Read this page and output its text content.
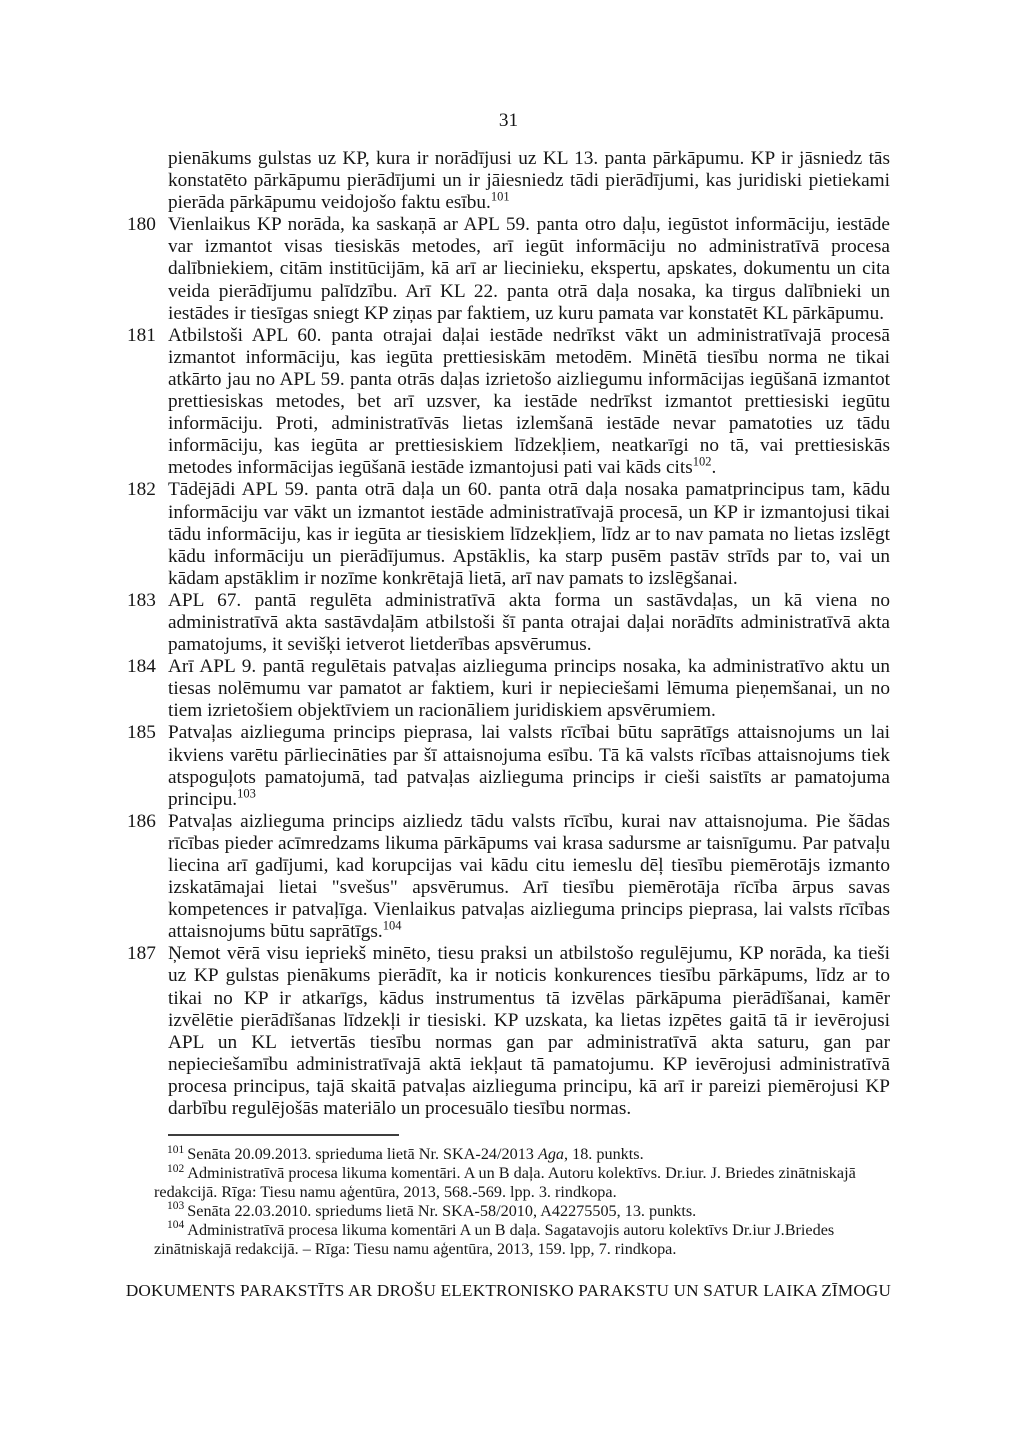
31
pienākums gulstas uz KP, kura ir norādījusi uz KL 13. panta pārkāpumu. KP ir jāsniedz tās konstatēto pārkāpumu pierādījumi un ir jāiesniedz tādi pierādījumi, kas juridiski pietiekami pierāda pārkāpumu veidojošo faktu esību.$^{101}$
180 Vienlaikus KP norāda, ka saskaņā ar APL 59. panta otro daļu, iegūstot informāciju, iestāde var izmantot visas tiesiskās metodes, arī iegūt informāciju no administratīvā procesa dalībniekiem, citām institūcijām, kā arī ar liecinieku, ekspertu, apskates, dokumentu un cita veida pierādījumu palīdzību. Arī KL 22. panta otrā daļa nosaka, ka tirgus dalībnieki un iestādes ir tiesīgas sniegt KP ziņas par faktiem, uz kuru pamata var konstatēt KL pārkāpumu.
181 Atbilstoši APL 60. panta otrajai daļai iestāde nedrīkst vākt un administratīvajā procesā izmantot informāciju, kas iegūta prettiesiskām metodēm. Minētā tiesību norma ne tikai atkārto jau no APL 59. panta otrās daļas izrietošo aizliegumu informācijas iegūšanā izmantot prettiesiskas metodes, bet arī uzsver, ka iestāde nedrīkst izmantot prettiesiski iegūtu informāciju. Proti, administratīvās lietas izlemšanā iestāde nevar pamatoties uz tādu informāciju, kas iegūta ar prettiesiskiem līdzekļiem, neatkarīgi no tā, vai prettiesiskās metodes informācijas iegūšanā iestāde izmantojusi pati vai kāds cits$^{102}$.
182 Tādējādi APL 59. panta otrā daļa un 60. panta otrā daļa nosaka pamatprincipus tam, kādu informāciju var vākt un izmantot iestāde administratīvajā procesā, un KP ir izmantojusi tikai tādu informāciju, kas ir iegūta ar tiesiskiem līdzekļiem, līdz ar to nav pamata no lietas izslēgt kādu informāciju un pierādījumus. Apstāklis, ka starp pusēm pastāv strīds par to, vai un kādam apstāklim ir nozīme konkrētajā lietā, arī nav pamats to izslēgšanai.
183 APL 67. pantā regulēta administratīvā akta forma un sastāvdaļas, un kā viena no administratīvā akta sastāvdaļām atbilstoši šī panta otrajai daļai norādīts administratīvā akta pamatojums, it sevišķi ietverot lietderības apsvērumus.
184 Arī APL 9. pantā regulētais patvaļas aizlieguma princips nosaka, ka administratīvo aktu un tiesas nolēmumu var pamatot ar faktiem, kuri ir nepieciešami lēmuma pieņemšanai, un no tiem izrietošiem objektīviem un racionāliem juridiskiem apsvērumiem.
185 Patvaļas aizlieguma princips pieprasa, lai valsts rīcībai būtu saprātīgs attaisnojums un lai ikviens varētu pārliecināties par šī attaisnojuma esību. Tā kā valsts rīcības attaisnojums tiek atspoguļots pamatojumā, tad patvaļas aizlieguma princips ir cieši saistīts ar pamatojuma principu.$^{103}$
186 Patvaļas aizlieguma princips aizliedz tādu valsts rīcību, kurai nav attaisnojuma. Pie šādas rīcības pieder acīmredzams likuma pārkāpums vai krasa sadursme ar taisnīgumu. Par patvaļu liecina arī gadījumi, kad korupcijas vai kādu citu iemeslu dēļ tiesību piemērotājs izmanto izskatāmajai lietai "svešus" apsvērumus. Arī tiesību piemērotāja rīcība ārpus savas kompetences ir patvaļīga. Vienlaikus patvaļas aizlieguma princips pieprasa, lai valsts rīcības attaisnojums būtu saprātīgs.$^{104}$
187 Ņemot vērā visu iepriekš minēto, tiesu praksi un atbilstošo regulējumu, KP norāda, ka tieši uz KP gulstas pienākums pierādīt, ka ir noticis konkurences tiesību pārkāpums, līdz ar to tikai no KP ir atkarīgs, kādus instrumentus tā izvēlas pārkāpuma pierādīšanai, kamēr izvēlētie pierādīšanas līdzekļi ir tiesiski. KP uzskata, ka lietas izpētes gaitā tā ir ievērojusi APL un KL ietvertās tiesību normas gan par administratīvā akta saturu, gan par nepieciešamību administratīvajā aktā iekļaut tā pamatojumu. KP ievērojusi administratīvā procesa principus, tajā skaitā patvaļas aizlieguma principu, kā arī ir pareizi piemērojusi KP darbību regulējošās materiālo un procesuālo tiesību normas.
$^{101}$ Senāta 20.09.2013. sprieduma lietā Nr. SKA-24/2013 Aga, 18. punkts.
$^{102}$ Administratīvā procesa likuma komentāri. A un B daļa. Autoru kolektīvs. Dr.iur. J. Briedes zinātniskajā redakcijā. Rīga: Tiesu namu aģentūra, 2013, 568.-569. lpp. 3. rindkopa.
$^{103}$ Senāta 22.03.2010. spriedums lietā Nr. SKA-58/2010, A42275505, 13. punkts.
$^{104}$ Administratīvā procesa likuma komentāri A un B daļa. Sagatavojis autoru kolektīvs Dr.iur J.Briedes zinātniskajā redakcijā. – Rīga: Tiesu namu aģentūra, 2013, 159. lpp, 7. rindkopa.
DOKUMENTS PARAKSTĪTS AR DROŠU ELEKTRONISKO PARAKSTU UN SATUR LAIKA ZĪMOGU
